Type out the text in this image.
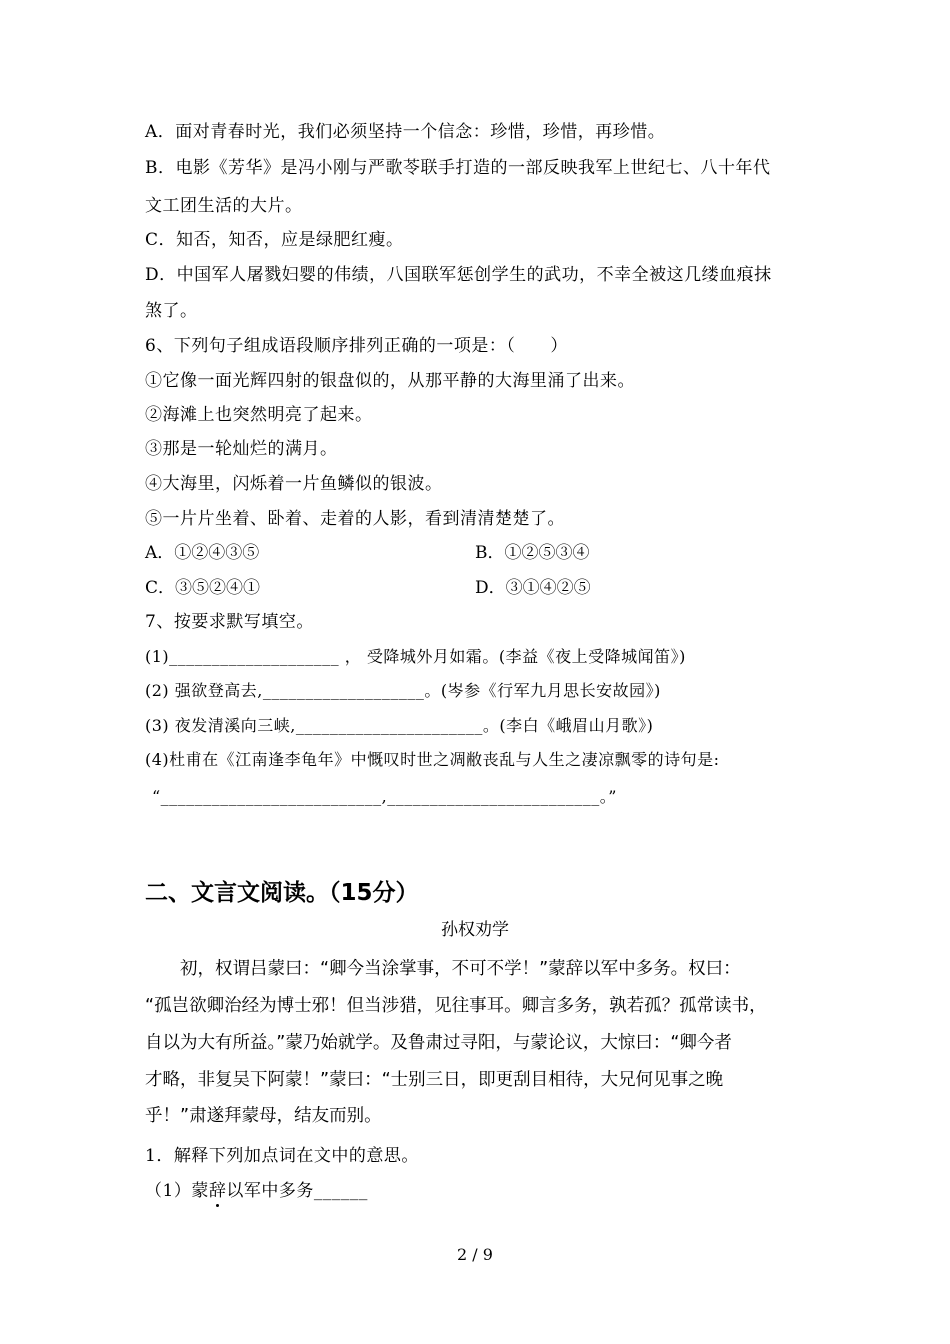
A．面对青春时光，我们必须坚持一个信念：珍惜，珍惜，再珍惜。
B．电影《芳华》是冯小刚与严歌苓联手打造的一部反映我军上世纪七、八十年代
文工团生活的大片。
C．知否，知否，应是绿肥红瘦。
D．中国军人屠戮妇婴的伟绩，八国联军惩创学生的武功，不幸全被这几缕血痕抹
煞了。
6、下列句子组成语段顺序排列正确的一项是：（　　）
①它像一面光辉四射的银盘似的，从那平静的大海里涌了出来。
②海滩上也突然明亮了起来。
③那是一轮灿烂的满月。
④大海里，闪烁着一片鱼鳞似的银波。
⑤一片片坐着、卧着、走着的人影，看到清清楚楚了。
A．①②④③⑤	B．①②⑤③④
C．③⑤②④①	D．③①④②⑤
7、按要求默写填空。
(1)____________________ ， 受降城外月如霜。(李益《夜上受降城闻笛》)
(2) 强欲登高去,___________________。(岑参《行军九月思长安故园》)
(3) 夜发清溪向三峡,______________________。(李白《峨眉山月歌》)
(4)杜甫在《江南逢李龟年》中慨叹时世之凋敝丧乱与人生之凄凉飘零的诗句是:
“__________________________,_________________________。”
二、文言文阅读。（15分）
孙权劝学
　　初，权谓吕蒙曰：“卿今当涂掌事，不可不学！”蒙辞以军中多务。权曰：
“孤岂欲卿治经为博士邪！但当涉猎，见往事耳。卿言多务，孰若孤？孤常读书，
自以为大有所益。”蒙乃始就学。及鲁肃过寻阳，与蒙论议，大惊曰：“卿今者
才略，非复吴下阿蒙！”蒙曰：“士别三日，即更刮目相待，大兄何见事之晚
乎！”肃遂拜蒙母，结友而别。
1．解释下列加点词在文中的意思。
（1）蒙辞以军中多务______
2 / 9
